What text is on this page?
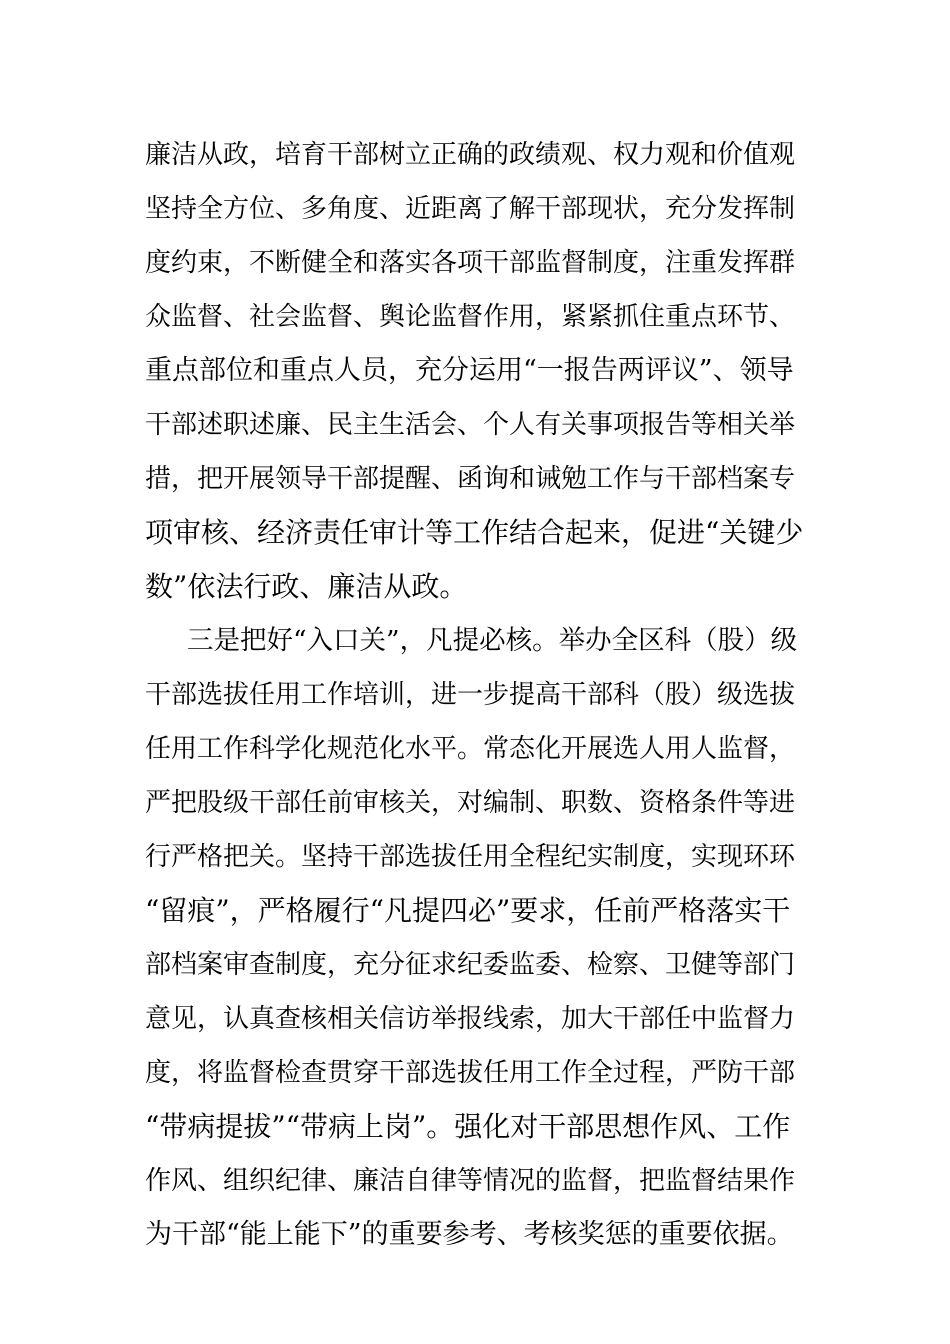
廉洁从政，培育干部树立正确的政绩观、权力观和价值观
坚持全方位、多角度、近距离了解干部现状，充分发挥制
度约束，不断健全和落实各项干部监督制度，注重发挥群
众监督、社会监督、舆论监督作用，紧紧抓住重点环节、
重点部位和重点人员，充分运用“一报告两评议”、领导
干部述职述廉、民主生活会、个人有关事项报告等相关举
措，把开展领导干部提醒、函询和诫勉工作与干部档案专
项审核、经济责任审计等工作结合起来，促进“关键少
数”依法行政、廉洁从政。
三是把好“入口关”，凡提必核。举办全区科（股）级
干部选拔任用工作培训，进一步提高干部科（股）级选拔
任用工作科学化规范化水平。常态化开展选人用人监督，
严把股级干部任前审核关，对编制、职数、资格条件等进
行严格把关。坚持干部选拔任用全程纪实制度，实现环环
“留痕”，严格履行“凡提四必”要求，任前严格落实干
部档案审查制度，充分征求纪委监委、检察、卫健等部门
意见，认真查核相关信访举报线索，加大干部任中监督力
度，将监督检查贯穿干部选拔任用工作全过程，严防干部
“带病提拔”“带病上岗”。强化对干部思想作风、工作
作风、组织纪律、廉洁自律等情况的监督，把监督结果作
为干部“能上能下”的重要参考、考核奖惩的重要依据。
